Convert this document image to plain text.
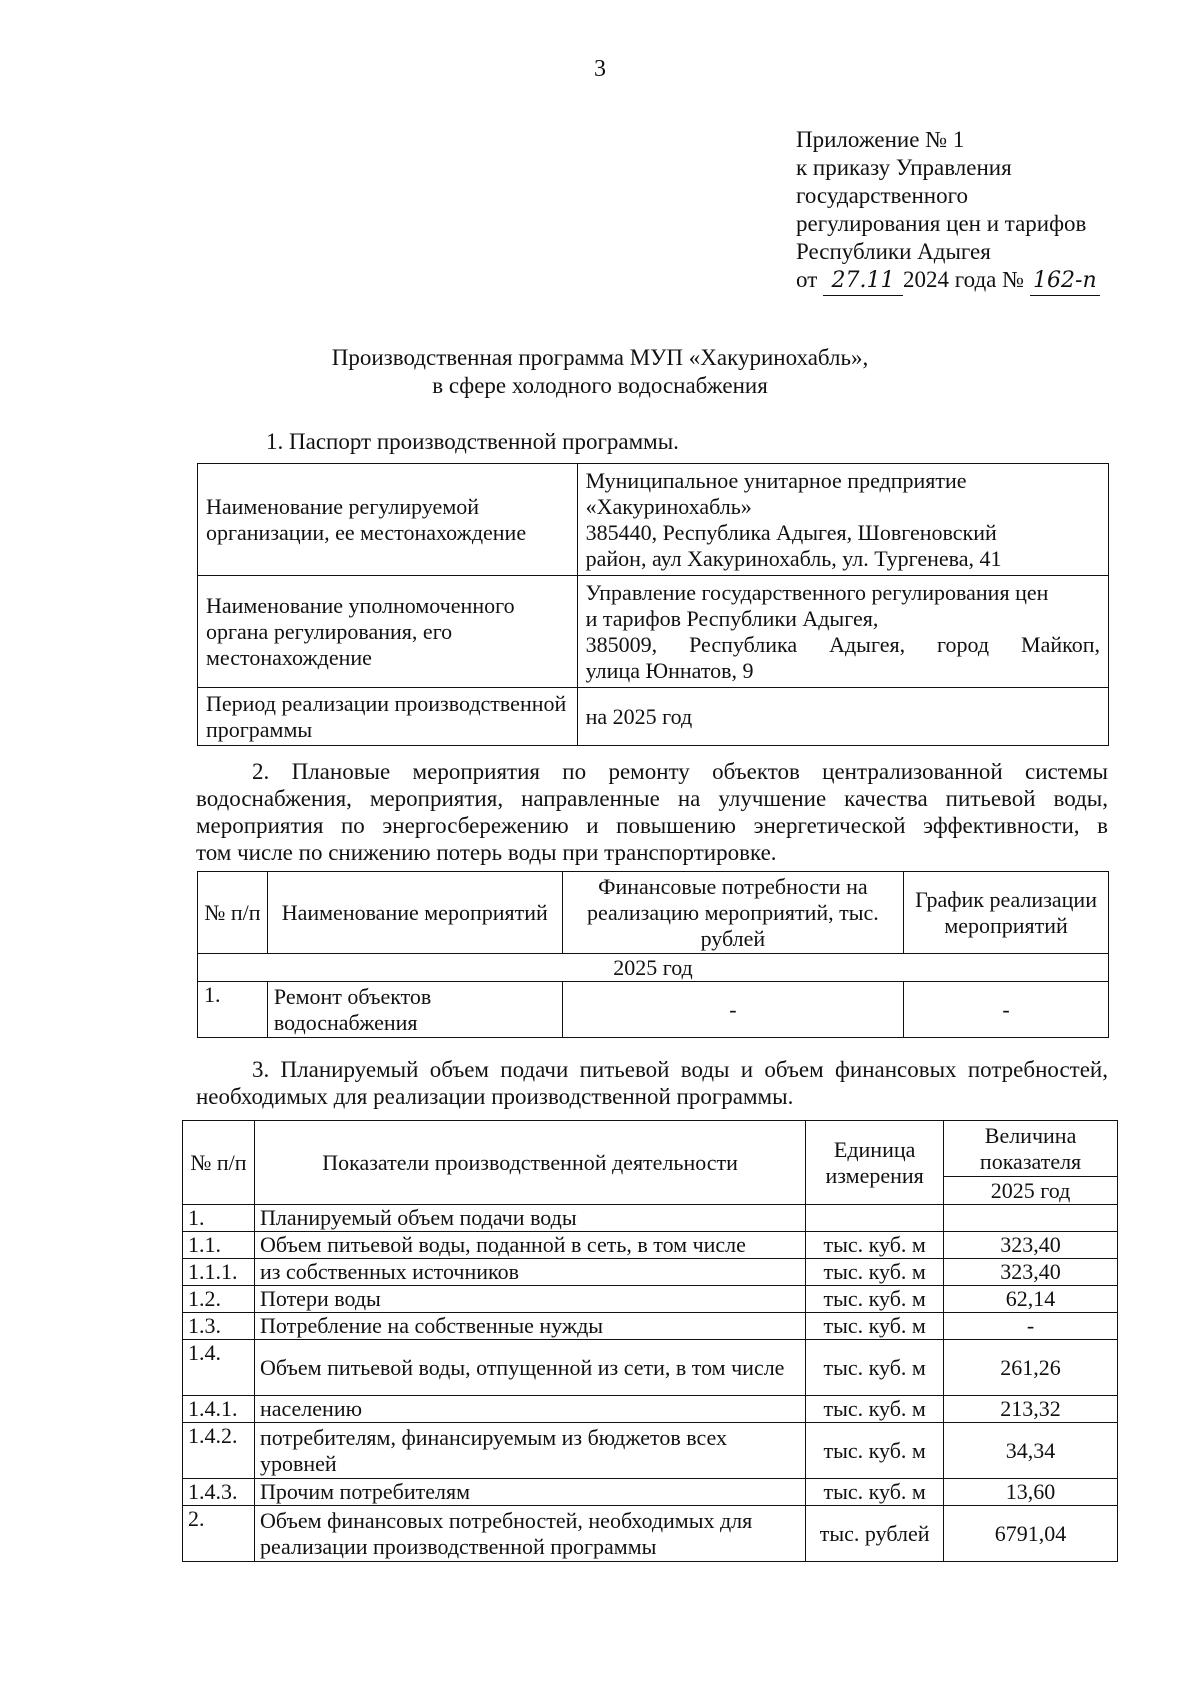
3
Приложение № 1
к приказу Управления
государственного
регулирования цен и тарифов
Республики Адыгея
от 27.11 2024 года № 162-п
Производственная программа МУП «Хакуринохабль»,
в сфере холодного водоснабжения
1. Паспорт производственной программы.
Наименование регулируемой организации, ее местонахождение	Муниципальное унитарное предприятие
«Хакуринохабль»
385440, Республика Адыгея, Шовгеновский
район, аул Хакуринохабль, ул. Тургенева, 41

Наименование уполномоченного органа регулирования, его местонахождение	Управление государственного регулирования цен
и тарифов Республики Адыгея,
385009, Республика Адыгея, город Майкоп,
улица Юннатов, 9

Период реализации производственной программы	на 2025 год
2. Плановые мероприятия по ремонту объектов централизованной системы
водоснабжения, мероприятия, направленные на улучшение качества питьевой воды,
мероприятия по энергосбережению и повышению энергетической эффективности, в
том числе по снижению потерь воды при транспортировке.
№ п/п	Наименование мероприятий	Финансовые потребности на реализацию мероприятий, тыс. рублей	График реализации мероприятий
2025 год			
1.	Ремонт объектов водоснабжения	-	-
3. Планируемый объем подачи питьевой воды и объем финансовых потребностей,
необходимых для реализации производственной программы.
№ п/п	Показатели производственной деятельности	Единица измерения	Величина показателя
			2025 год
1.	Планируемый объем подачи воды		
1.1.	Объем питьевой воды, поданной в сеть, в том числе	тыс. куб. м	323,40
1.1.1.	из собственных источников	тыс. куб. м	323,40
1.2.	Потери воды	тыс. куб. м	62,14
1.3.	Потребление на собственные нужды	тыс. куб. м	-
1.4.	Объем питьевой воды, отпущенной из сети, в том числе	тыс. куб. м	261,26
1.4.1.	населению	тыс. куб. м	213,32
1.4.2.	потребителям, финансируемым из бюджетов всех уровней	тыс. куб. м	34,34
1.4.3.	Прочим потребителям	тыс. куб. м	13,60
2.	Объем финансовых потребностей, необходимых для реализации производственной программы	тыс. рублей	6791,04
